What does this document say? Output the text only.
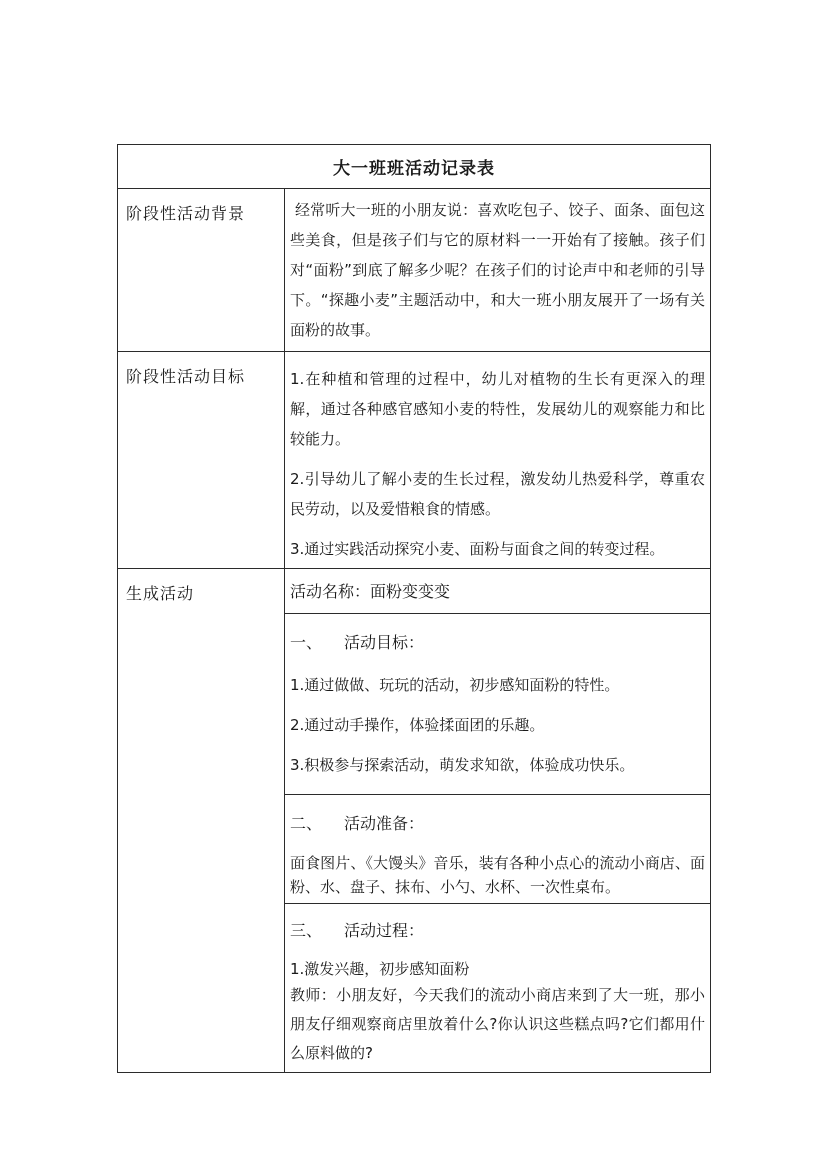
大一班班活动记录表	
阶段性活动背景	经常听大一班的小朋友说：喜欢吃包子、饺子、面条、面包这些美食，但是孩子们与它的原材料一一开始有了接触。孩子们对“面粉”到底了解多少呢？在孩子们的讨论声中和老师的引导下。“探趣小麦”主题活动中，和大一班小朋友展开了一场有关面粉的故事。

阶段性活动目标	1.在种植和管理的过程中，幼儿对植物的生长有更深入的理解，通过各种感官感知小麦的特性，发展幼儿的观察能力和比较能力。

2.引导幼儿了解小麦的生长过程，激发幼儿热爱科学，尊重农民劳动，以及爱惜粮食的情感。

3.通过实践活动探究小麦、面粉与面食之间的转变过程。

生成活动	活动名称：面粉变变变

	一、 活动目标：

1.通过做做、玩玩的活动，初步感知面粉的特性。

2.通过动手操作，体验揉面团的乐趣。

3.积极参与探索活动，萌发求知欲，体验成功快乐。

	二、 活动准备：

面食图片、《大馒头》音乐，装有各种小点心的流动小商店、面粉、水、盘子、抹布、小勺、水杯、一次性桌布。

	三、 活动过程：

1.激发兴趣，初步感知面粉

教师：小朋友好，今天我们的流动小商店来到了大一班，那小朋友仔细观察商店里放着什么?你认识这些糕点吗?它们都用什么原料做的?
